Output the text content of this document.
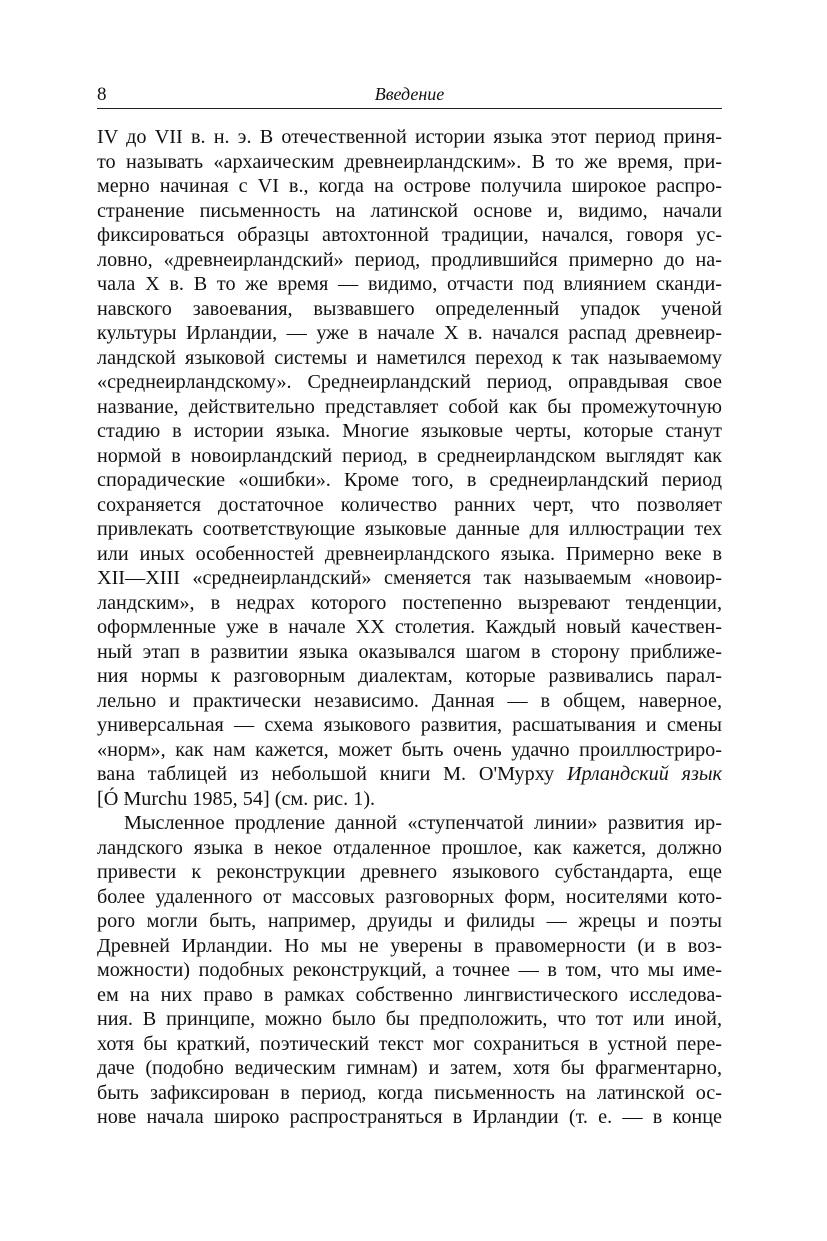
8	Введение
IV до VII в. н. э. В отечественной истории языка этот период приня-
то называть «архаическим древнеирландским». В то же время, при-
мерно начиная с VI в., когда на острове получила широкое распро-
странение письменность на латинской основе и, видимо, начали
фиксироваться образцы автохтонной традиции, начался, говоря ус-
ловно, «древнеирландский» период, продлившийся примерно до на-
чала X в. В то же время — видимо, отчасти под влиянием сканди-
навского завоевания, вызвавшего определенный упадок ученой
культуры Ирландии, — уже в начале X в. начался распад древнеир-
ландской языковой системы и наметился переход к так называемому
«среднеирландскому». Среднеирландский период, оправдывая свое
название, действительно представляет собой как бы промежуточную
стадию в истории языка. Многие языковые черты, которые станут
нормой в новоирландский период, в среднеирландском выглядят как
спорадические «ошибки». Кроме того, в среднеирландский период
сохраняется достаточное количество ранних черт, что позволяет
привлекать соответствующие языковые данные для иллюстрации тех
или иных особенностей древнеирландского языка. Примерно веке в
XII—XIII «среднеирландский» сменяется так называемым «новоир-
ландским», в недрах которого постепенно вызревают тенденции,
оформленные уже в начале XX столетия. Каждый новый качествен-
ный этап в развитии языка оказывался шагом в сторону приближе-
ния нормы к разговорным диалектам, которые развивались парал-
лельно и практически независимо. Данная — в общем, наверное,
универсальная — схема языкового развития, расшатывания и смены
«норм», как нам кажется, может быть очень удачно проиллюстриро-
вана таблицей из небольшой книги М. О'Мурху Ирландский язык
[Ó Murchu 1985, 54] (см. рис. 1).
Мысленное продление данной «ступенчатой линии» развития ир-
ландского языка в некое отдаленное прошлое, как кажется, должно
привести к реконструкции древнего языкового субстандарта, еще
более удаленного от массовых разговорных форм, носителями кото-
рого могли быть, например, друиды и филиды — жрецы и поэты
Древней Ирландии. Но мы не уверены в правомерности (и в воз-
можности) подобных реконструкций, а точнее — в том, что мы име-
ем на них право в рамках собственно лингвистического исследова-
ния. В принципе, можно было бы предположить, что тот или иной,
хотя бы краткий, поэтический текст мог сохраниться в устной пере-
даче (подобно ведическим гимнам) и затем, хотя бы фрагментарно,
быть зафиксирован в период, когда письменность на латинской ос-
нове начала широко распространяться в Ирландии (т. е. — в конце
